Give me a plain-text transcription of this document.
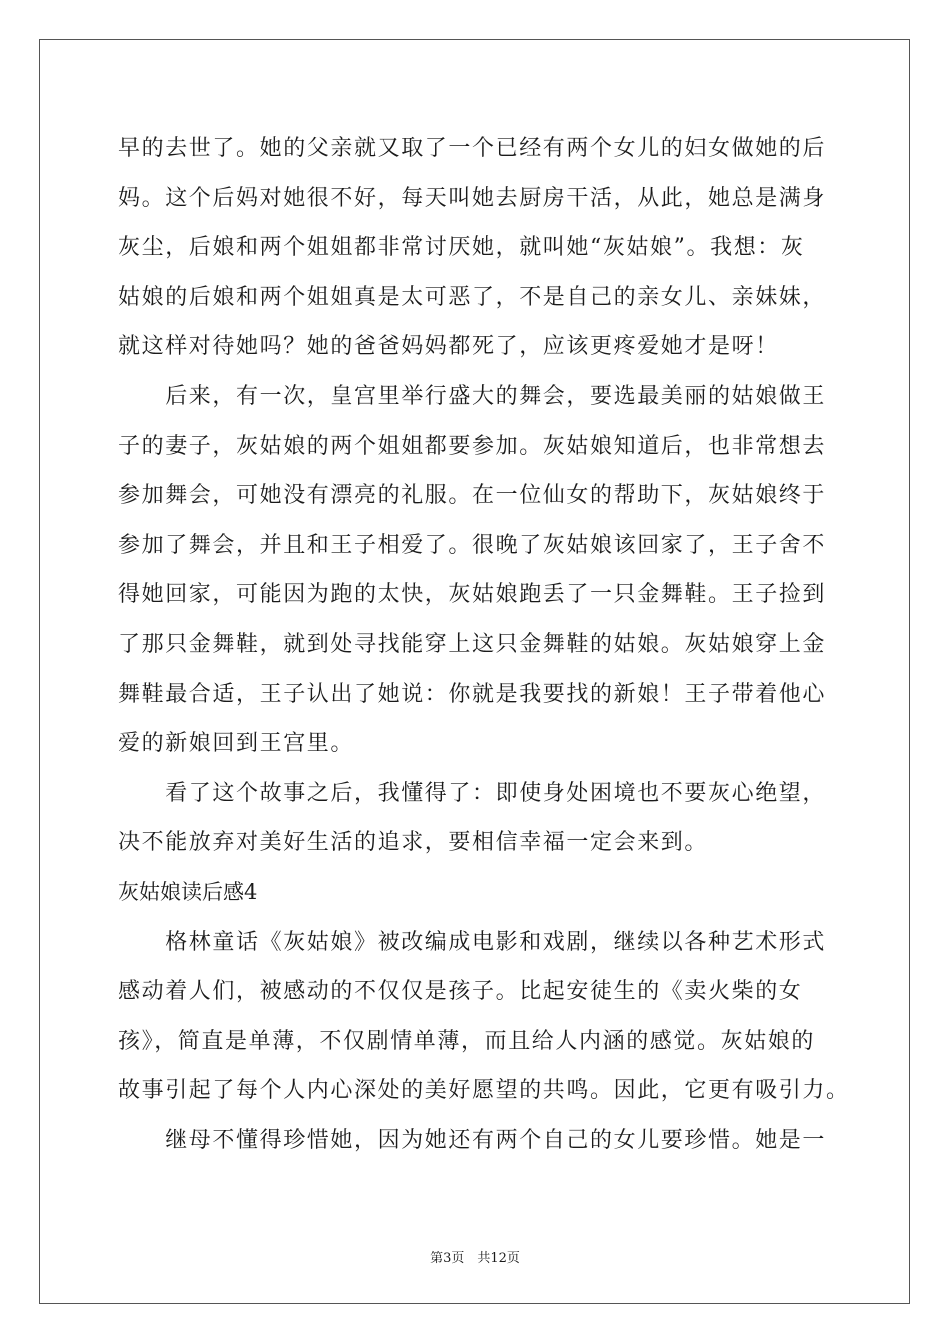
早的去世了。她的父亲就又取了一个已经有两个女儿的妇女做她的后
妈。这个后妈对她很不好，每天叫她去厨房干活，从此，她总是满身
灰尘，后娘和两个姐姐都非常讨厌她，就叫她“灰姑娘”。我想：灰
姑娘的后娘和两个姐姐真是太可恶了，不是自己的亲女儿、亲妹妹，
就这样对待她吗？她的爸爸妈妈都死了，应该更疼爱她才是呀！
　　后来，有一次，皇宫里举行盛大的舞会，要选最美丽的姑娘做王
子的妻子，灰姑娘的两个姐姐都要参加。灰姑娘知道后，也非常想去
参加舞会，可她没有漂亮的礼服。在一位仙女的帮助下，灰姑娘终于
参加了舞会，并且和王子相爱了。很晚了灰姑娘该回家了，王子舍不
得她回家，可能因为跑的太快，灰姑娘跑丢了一只金舞鞋。王子捡到
了那只金舞鞋，就到处寻找能穿上这只金舞鞋的姑娘。灰姑娘穿上金
舞鞋最合适，王子认出了她说：你就是我要找的新娘！王子带着他心
爱的新娘回到王宫里。
　　看了这个故事之后，我懂得了：即使身处困境也不要灰心绝望，
决不能放弃对美好生活的追求，要相信幸福一定会来到。
灰姑娘读后感4
　　格林童话《灰姑娘》被改编成电影和戏剧，继续以各种艺术形式
感动着人们，被感动的不仅仅是孩子。比起安徒生的《卖火柴的女
孩》，简直是单薄，不仅剧情单薄，而且给人内涵的感觉。灰姑娘的
故事引起了每个人内心深处的美好愿望的共鸣。因此，它更有吸引力。
　　继母不懂得珍惜她，因为她还有两个自己的女儿要珍惜。她是一
第3页　共12页
